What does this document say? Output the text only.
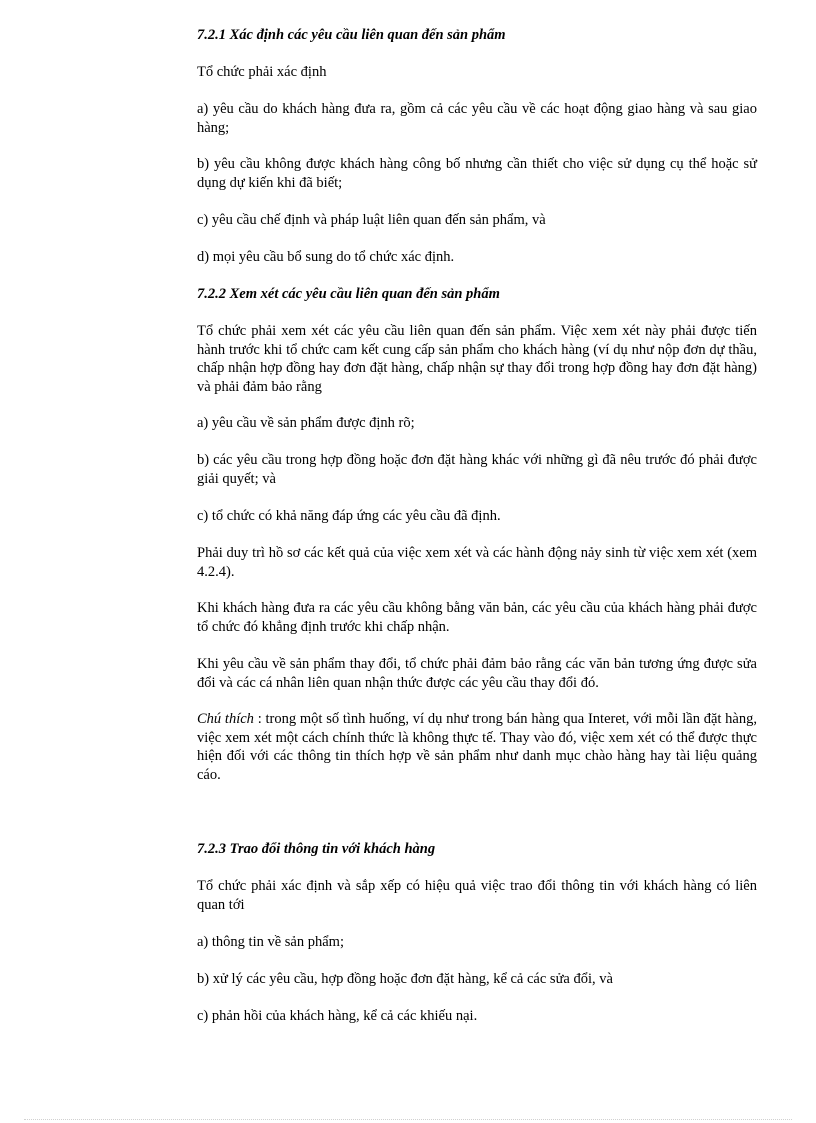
7.2.1 Xác định các yêu cầu liên quan đến sản phẩm
Tổ chức phải xác định

a) yêu cầu do khách hàng đưa ra, gồm cả các yêu cầu về các hoạt động giao hàng và sau giao hàng;

b) yêu cầu không được khách hàng công bố nhưng cần thiết cho việc sử dụng cụ thể hoặc sử dụng dự kiến khi đã biết;

c) yêu cầu chế định và pháp luật liên quan đến sản phẩm, và
d) mọi yêu cầu bổ sung do tổ chức xác định.
7.2.2 Xem xét các yêu cầu liên quan đến sản phẩm

Tổ chức phải xem xét các yêu cầu liên quan đến sản phẩm. Việc xem xét này phải được tiến hành trước khi tổ chức cam kết cung cấp sản phẩm cho khách hàng (ví dụ như nộp đơn dự thầu, chấp nhận hợp đồng hay đơn đặt hàng, chấp nhận sự thay đổi trong hợp đồng hay đơn đặt hàng) và phải đảm bảo rằng

a) yêu cầu về sản phẩm được định rõ;

b) các yêu cầu trong hợp đồng hoặc đơn đặt hàng khác với những gì đã nêu trước đó phải được giải quyết; và

c) tổ chức có khả năng đáp ứng các yêu cầu đã định.

Phải duy trì hồ sơ các kết quả của việc xem xét và các hành động nảy sinh từ việc xem xét (xem 4.2.4).

Khi khách hàng đưa ra các yêu cầu không bằng văn bản, các yêu cầu của khách hàng phải được tổ chức đó khẳng định trước khi chấp nhận.

Khi yêu cầu về sản phẩm thay đổi, tổ chức phải đảm bảo rằng các văn bản tương ứng được sửa đổi và các cá nhân liên quan nhận thức được các yêu cầu thay đổi đó.

Chú thích : trong một số tình huống, ví dụ như trong bán hàng qua Interet, với mỗi lần đặt hàng, việc xem xét một cách chính thức là không thực tế. Thay vào đó, việc xem xét có thể được thực hiện đối với các thông tin thích hợp về sản phẩm như danh mục chào hàng hay tài liệu quảng cáo.

7.2.3 Trao đổi thông tin với khách hàng

Tổ chức phải xác định và sắp xếp có hiệu quả việc trao đổi thông tin với khách hàng có liên quan tới

a) thông tin về sản phẩm;
b) xử lý các yêu cầu, hợp đồng hoặc đơn đặt hàng, kể cả các sửa đổi, và
c) phản hồi của khách hàng, kể cả các khiếu nại.
